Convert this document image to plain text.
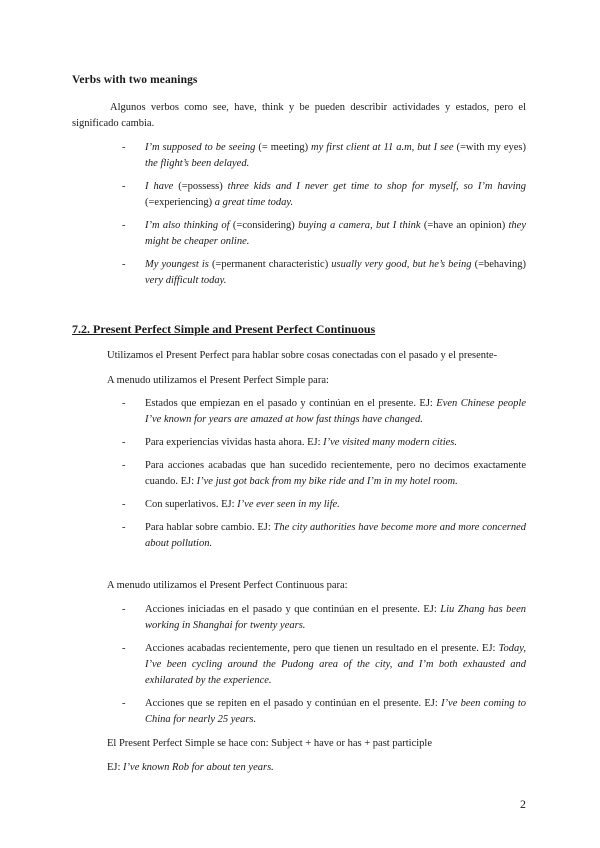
Verbs with two meanings

Algunos verbos como see, have, think y be pueden describir actividades y estados, pero el significado cambia.

- I’m supposed to be seeing (= meeting) my first client at 11 a.m, but I see (=with my eyes) the flight’s been delayed.
- I have (=possess) three kids and I never get time to shop for myself, so I’m having (=experiencing) a great time today.
- I’m also thinking of (=considering) buying a camera, but I think (=have an opinion) they might be cheaper online.
- My youngest is (=permanent characteristic) usually very good, but he’s being (=behaving) very difficult today.
7.2. Present Perfect Simple and Present Perfect Continuous

Utilizamos el Present Perfect para hablar sobre cosas conectadas con el pasado y el presente-

A menudo utilizamos el Present Perfect Simple para:

- Estados que empiezan en el pasado y continúan en el presente. EJ: Even Chinese people I’ve known for years are amazed at how fast things have changed.
- Para experiencias vividas hasta ahora. EJ: I’ve visited many modern cities.
- Para acciones acabadas que han sucedido recientemente, pero no decimos exactamente cuando. EJ: I’ve just got back from my bike ride and I’m in my hotel room.
- Con superlativos. EJ: I’ve ever seen in my life.
- Para hablar sobre cambio. EJ: The city authorities have become more and more concerned about pollution.

A menudo utilizamos el Present Perfect Continuous para:

- Acciones iniciadas en el pasado y que continúan en el presente. EJ: Liu Zhang has been working in Shanghai for twenty years.
- Acciones acabadas recientemente, pero que tienen un resultado en el presente. EJ: Today, I’ve been cycling around the Pudong area of the city, and I’m both exhausted and exhilarated by the experience.
- Acciones que se repiten en el pasado y continúan en el presente. EJ: I’ve been coming to China for nearly 25 years.

El Present Perfect Simple se hace con: Subject + have or has + past participle

EJ: I’ve known Rob for about ten years.

2
